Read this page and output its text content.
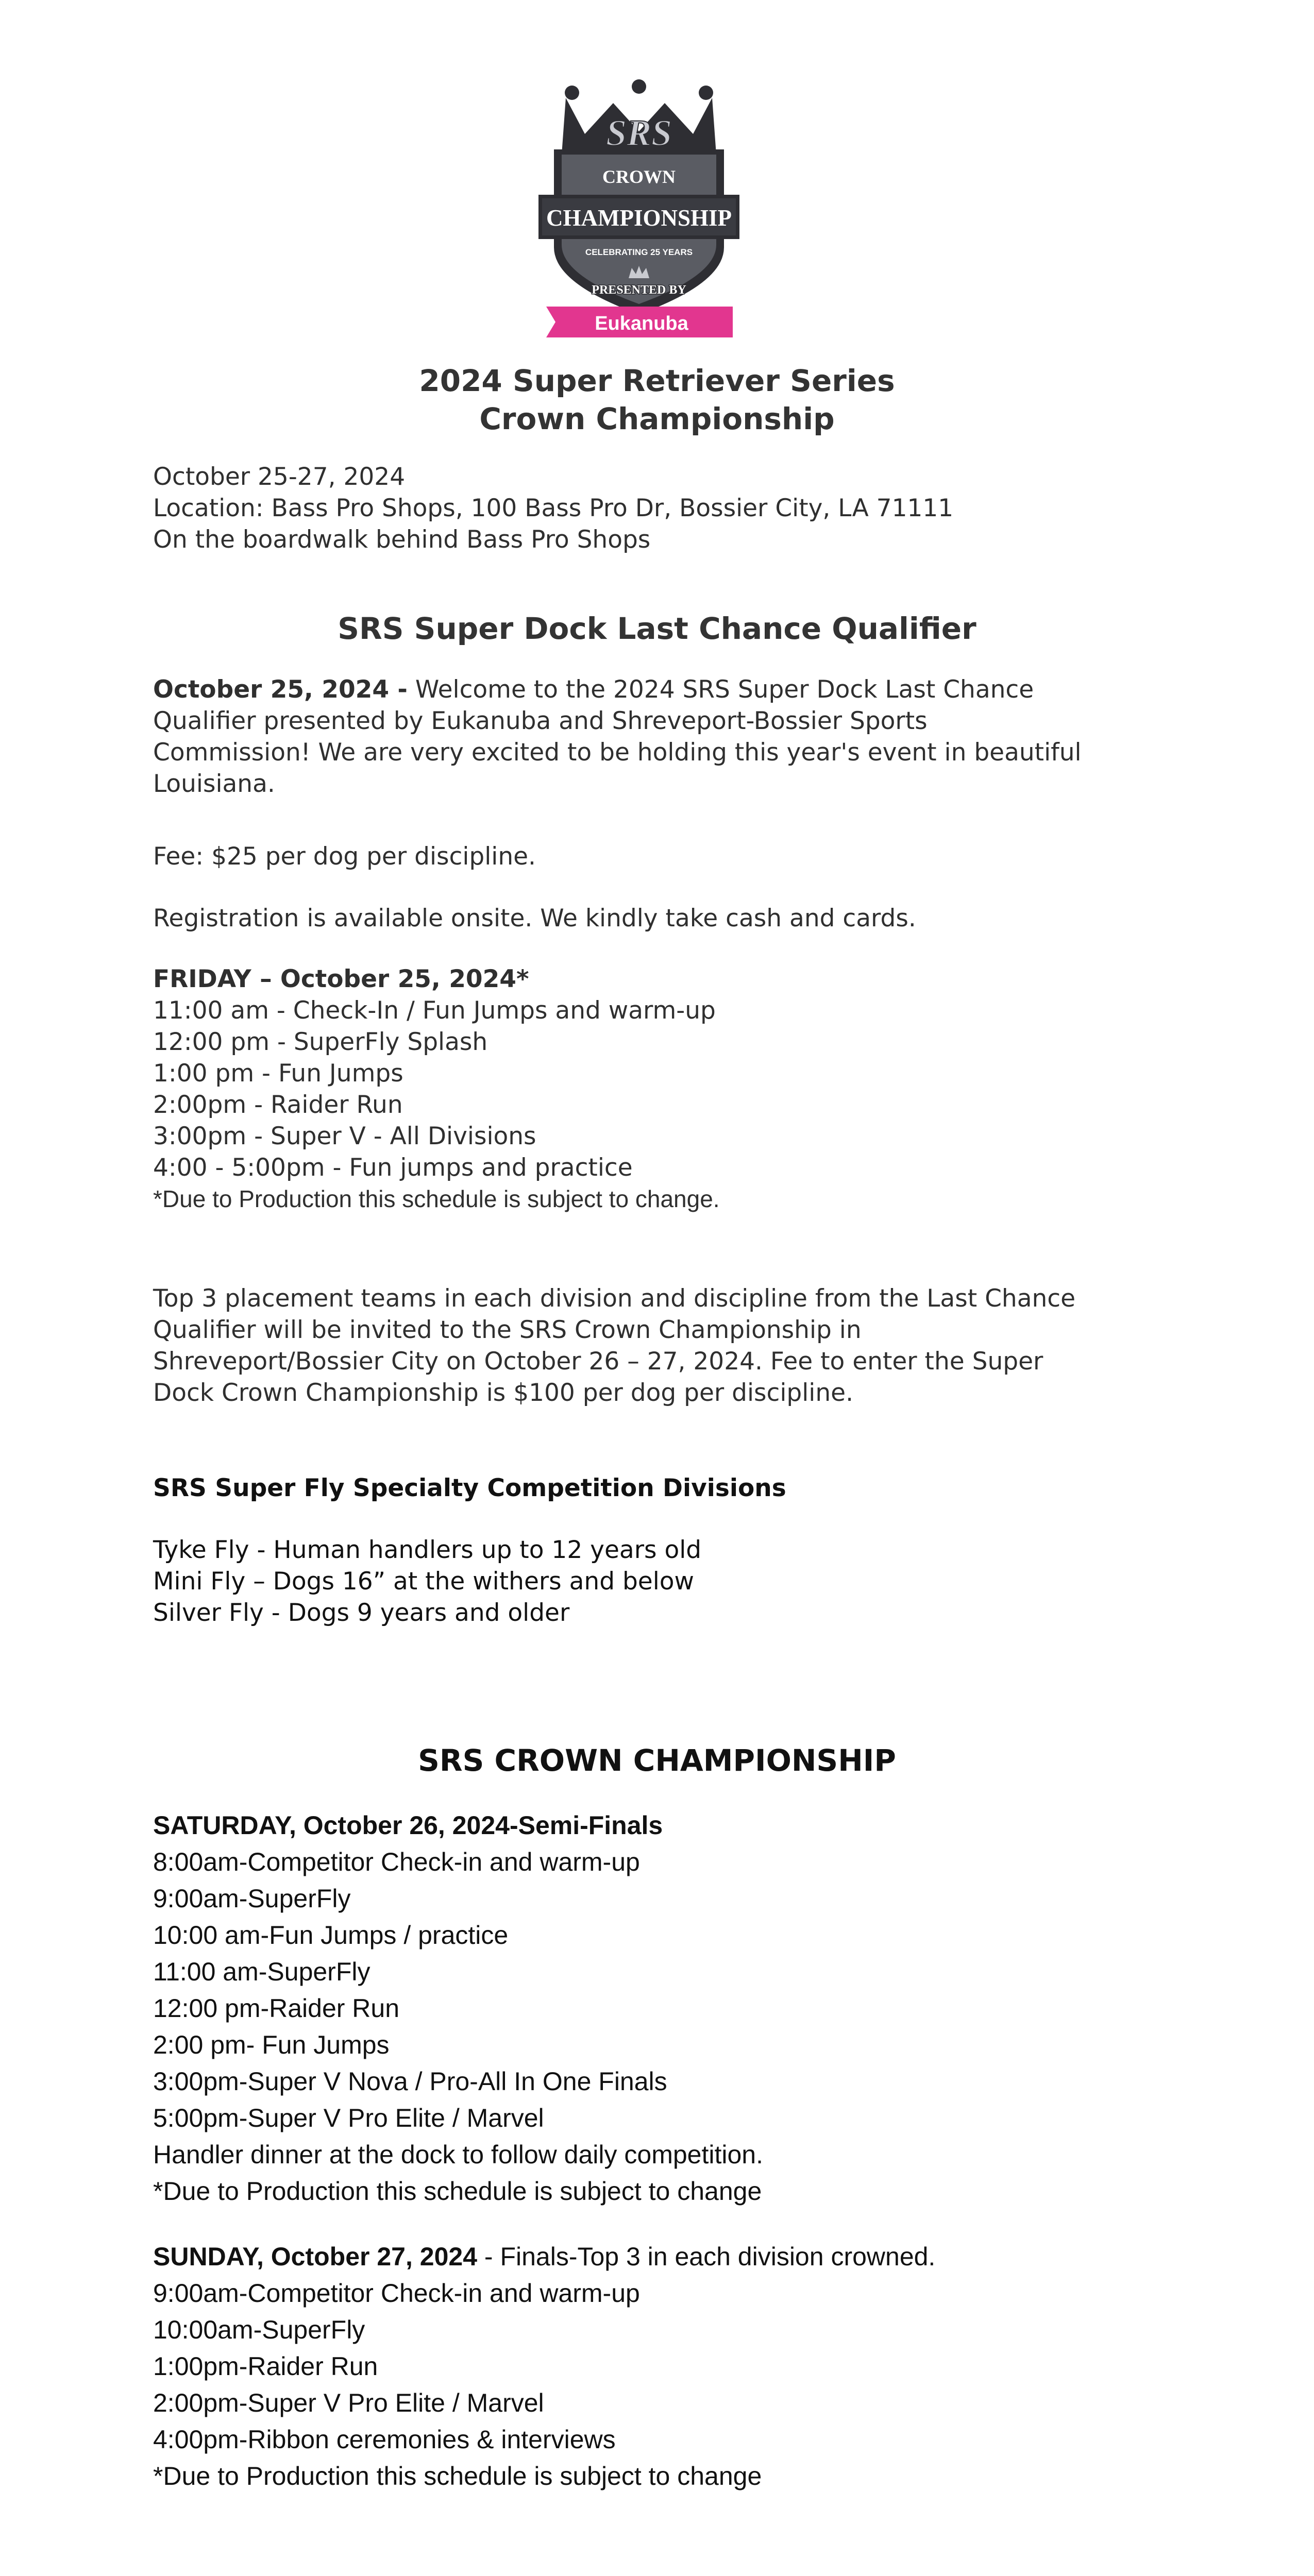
SRS
CROWN
CHAMPIONSHIP
CELEBRATING 25 YEARS
PRESENTED BY
Eukanuba
2024 Super Retriever Series
Crown Championship
October 25-27, 2024
Location: Bass Pro Shops, 100 Bass Pro Dr, Bossier City, LA 71111
On the boardwalk behind Bass Pro Shops
SRS Super Dock Last Chance Qualifier
October 25, 2024 - Welcome to the 2024 SRS Super Dock Last Chance
Qualifier presented by Eukanuba and Shreveport-Bossier Sports
Commission! We are very excited to be holding this year's event in beautiful
Louisiana.
Fee: $25 per dog per discipline.
Registration is available onsite. We kindly take cash and cards.
FRIDAY – October 25, 2024*
11:00 am - Check-In / Fun Jumps and warm-up
12:00 pm - SuperFly Splash
1:00 pm - Fun Jumps
2:00pm - Raider Run
3:00pm - Super V - All Divisions
4:00 - 5:00pm - Fun jumps and practice
*Due to Production this schedule is subject to change.
Top 3 placement teams in each division and discipline from the Last Chance
Qualifier will be invited to the SRS Crown Championship in
Shreveport/Bossier City on October 26 – 27, 2024. Fee to enter the Super
Dock Crown Championship is $100 per dog per discipline.
SRS Super Fly Specialty Competition Divisions
Tyke Fly - Human handlers up to 12 years old
Mini Fly – Dogs 16” at the withers and below
Silver Fly - Dogs 9 years and older
SRS CROWN CHAMPIONSHIP
SATURDAY, October 26, 2024-Semi-Finals
8:00am-Competitor Check-in and warm-up
9:00am-SuperFly
10:00 am-Fun Jumps / practice
11:00 am-SuperFly
12:00 pm-Raider Run
2:00 pm- Fun Jumps
3:00pm-Super V Nova / Pro-All In One Finals
5:00pm-Super V Pro Elite / Marvel
Handler dinner at the dock to follow daily competition.
*Due to Production this schedule is subject to change
SUNDAY, October 27, 2024 - Finals-Top 3 in each division crowned.
9:00am-Competitor Check-in and warm-up
10:00am-SuperFly
1:00pm-Raider Run
2:00pm-Super V Pro Elite / Marvel
4:00pm-Ribbon ceremonies & interviews
*Due to Production this schedule is subject to change
